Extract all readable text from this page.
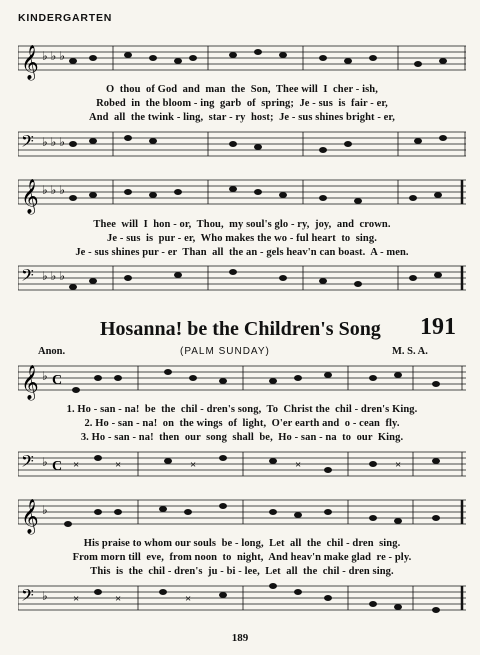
KINDERGARTEN
𝄞 ♭ ♭ ♭
O  thou  of God  and  man  the  Son,  Thee will  I  cher - ish,
Robed  in  the bloom - ing  garb  of  spring;  Je - sus  is  fair - er,
And  all  the twink - ling,  star - ry  host;  Je - sus shines bright - er,
𝄢 ♭ ♭ ♭
𝄞 ♭ ♭ ♭
Thee  will  I  hon - or,  Thou,  my soul's glo - ry,  joy,  and  crown.
Je - sus  is  pur - er,  Who makes the wo - ful heart  to  sing.
Je - sus shines pur - er  Than  all  the an - gels heav'n can boast.  A - men.
𝄢 ♭ ♭ ♭
Hosanna! be the Children's Song 191
Anon.	(PALM SUNDAY)	M. S. A.
𝄞 ♭ C
1. Ho - san - na!  be  the  chil - dren's song,  To  Christ the  chil - dren's King.
2. Ho - san - na!  on  the wings  of  light,  O'er earth and  o - cean  fly.
3. Ho - san - na!  then  our  song  shall  be,  Ho - san - na  to  our  King.
𝄢 ♭ C ×	×	×	×	×
𝄞 ♭
His praise to whom our souls  be - long,  Let  all  the  chil - dren  sing.
From morn till  eve,  from noon  to  night,  And heav'n make glad  re - ply.
This  is  the  chil - dren's  ju - bi - lee,  Let  all  the  chil - dren sing.
𝄢 ♭ ×	×	×
189
